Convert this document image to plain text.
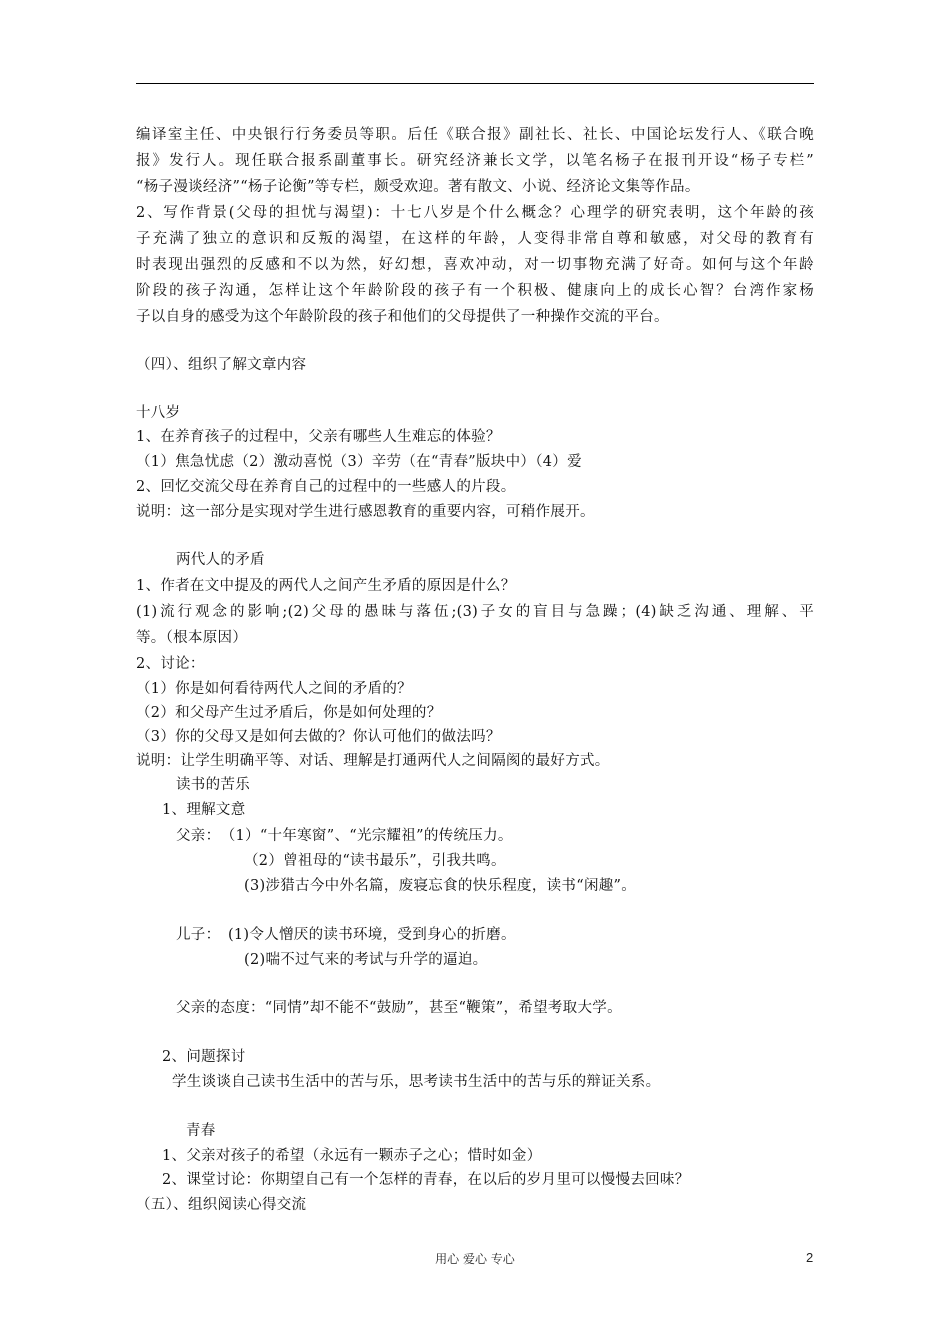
编译室主任、中央银行行务委员等职。后任《联合报》副社长、社长、中国论坛发行人、《联合晚
报》发行人。现任联合报系副董事长。研究经济兼长文学，以笔名杨子在报刊开设“杨子专栏”
“杨子漫谈经济”“杨子论衡”等专栏，颇受欢迎。著有散文、小说、经济论文集等作品。
2、写作背景(父母的担忧与渴望)：十七八岁是个什么概念？心理学的研究表明，这个年龄的孩
子充满了独立的意识和反叛的渴望，在这样的年龄，人变得非常自尊和敏感，对父母的教育有
时表现出强烈的反感和不以为然，好幻想，喜欢冲动，对一切事物充满了好奇。如何与这个年龄
阶段的孩子沟通，怎样让这个年龄阶段的孩子有一个积极、健康向上的成长心智？台湾作家杨
子以自身的感受为这个年龄阶段的孩子和他们的父母提供了一种操作交流的平台。
（四）、组织了解文章内容
十八岁
1、在养育孩子的过程中，父亲有哪些人生难忘的体验？
（1）焦急忧虑（2）激动喜悦（3）辛劳（在“青春”版块中）（4）爱
2、回忆交流父母在养育自己的过程中的一些感人的片段。
说明：这一部分是实现对学生进行感恩教育的重要内容，可稍作展开。
两代人的矛盾
1、作者在文中提及的两代人之间产生矛盾的原因是什么？
(1)流行观念的影响;(2)父母的愚昧与落伍;(3)子女的盲目与急躁；(4)缺乏沟通、理解、平
等。（根本原因）
2、讨论：
（1）你是如何看待两代人之间的矛盾的？
（2）和父母产生过矛盾后，你是如何处理的？
（3）你的父母又是如何去做的？你认可他们的做法吗？
说明：让学生明确平等、对话、理解是打通两代人之间隔阂的最好方式。
读书的苦乐
1、理解文意
父亲：　（1）“十年寒窗”、“光宗耀祖”的传统压力。
（2）曾祖母的“读书最乐”，引我共鸣。
(3)涉猎古今中外名篇，废寝忘食的快乐程度，读书“闲趣”。
儿子：　(1)令人憎厌的读书环境，受到身心的折磨。
(2)喘不过气来的考试与升学的逼迫。
父亲的态度：“同情”却不能不“鼓励”，甚至“鞭策”，希望考取大学。
2、问题探讨
学生谈谈自己读书生活中的苦与乐，思考读书生活中的苦与乐的辩证关系。
青春
1、父亲对孩子的希望（永远有一颗赤子之心；惜时如金）
2、课堂讨论：你期望自己有一个怎样的青春，在以后的岁月里可以慢慢去回味？
（五）、组织阅读心得交流
用心 爱心 专心	2
